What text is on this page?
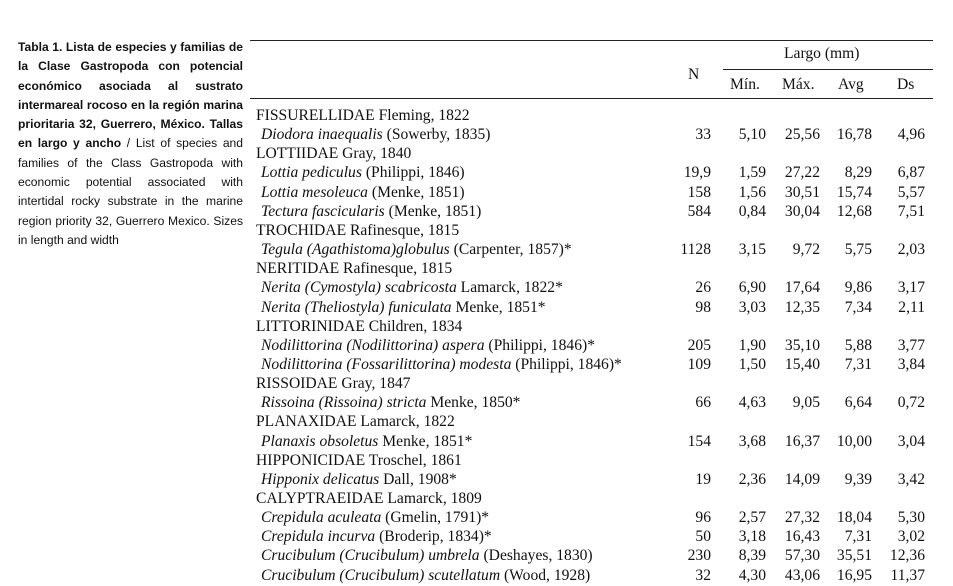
Tabla 1. Lista de especies y familias de la Clase Gastropoda con potencial económico asociada al sustrato intermareal rocoso en la región marina prioritaria 32, Guerrero, México. Tallas en largo y ancho / List of species and families of the Class Gastropoda with economic potential associated with intertidal rocky substrate in the marine region priority 32, Guerrero Mexico. Sizes in length and width
Largo (mm)
N
Mín. Máx. Avg Ds
FISSURELLIDAE Fleming, 1822
Diodora inaequalis (Sowerby, 1835)	33 5,10 25,56 16,78 4,96
LOTTIIDAE Gray, 1840
Lottia pediculus (Philippi, 1846)	19,9 1,59 27,22 8,29 6,87
Lottia mesoleuca (Menke, 1851)	158 1,56 30,51 15,74 5,57
Tectura fascicularis (Menke, 1851)	584 0,84 30,04 12,68 7,51
TROCHIDAE Rafinesque, 1815
Tegula (Agathistoma)globulus (Carpenter, 1857)*	1128 3,15 9,72 5,75 2,03
NERITIDAE Rafinesque, 1815
Nerita (Cymostyla) scabricosta Lamarck, 1822*	26 6,90 17,64 9,86 3,17
Nerita (Theliostyla) funiculata Menke, 1851*	98 3,03 12,35 7,34 2,11
LITTORINIDAE Children, 1834
Nodilittorina (Nodilittorina) aspera (Philippi, 1846)*	205 1,90 35,10 5,88 3,77
Nodilittorina (Fossarilittorina) modesta (Philippi, 1846)*	109 1,50 15,40 7,31 3,84
RISSOIDAE Gray, 1847
Rissoina (Rissoina) stricta Menke, 1850*	66 4,63 9,05 6,64 0,72
PLANAXIDAE Lamarck, 1822
Planaxis obsoletus Menke, 1851*	154 3,68 16,37 10,00 3,04
HIPPONICIDAE Troschel, 1861
Hipponix delicatus Dall, 1908*	19 2,36 14,09 9,39 3,42
CALYPTRAEIDAE Lamarck, 1809
Crepidula aculeata (Gmelin, 1791)*	96 2,57 27,32 18,04 5,30
Crepidula incurva (Broderip, 1834)*	50 3,18 16,43 7,31 3,02
Crucibulum (Crucibulum) umbrela (Deshayes, 1830)	230 8,39 57,30 35,51 12,36
Crucibulum (Crucibulum) scutellatum (Wood, 1928)	32 4,30 43,06 16,95 11,37
